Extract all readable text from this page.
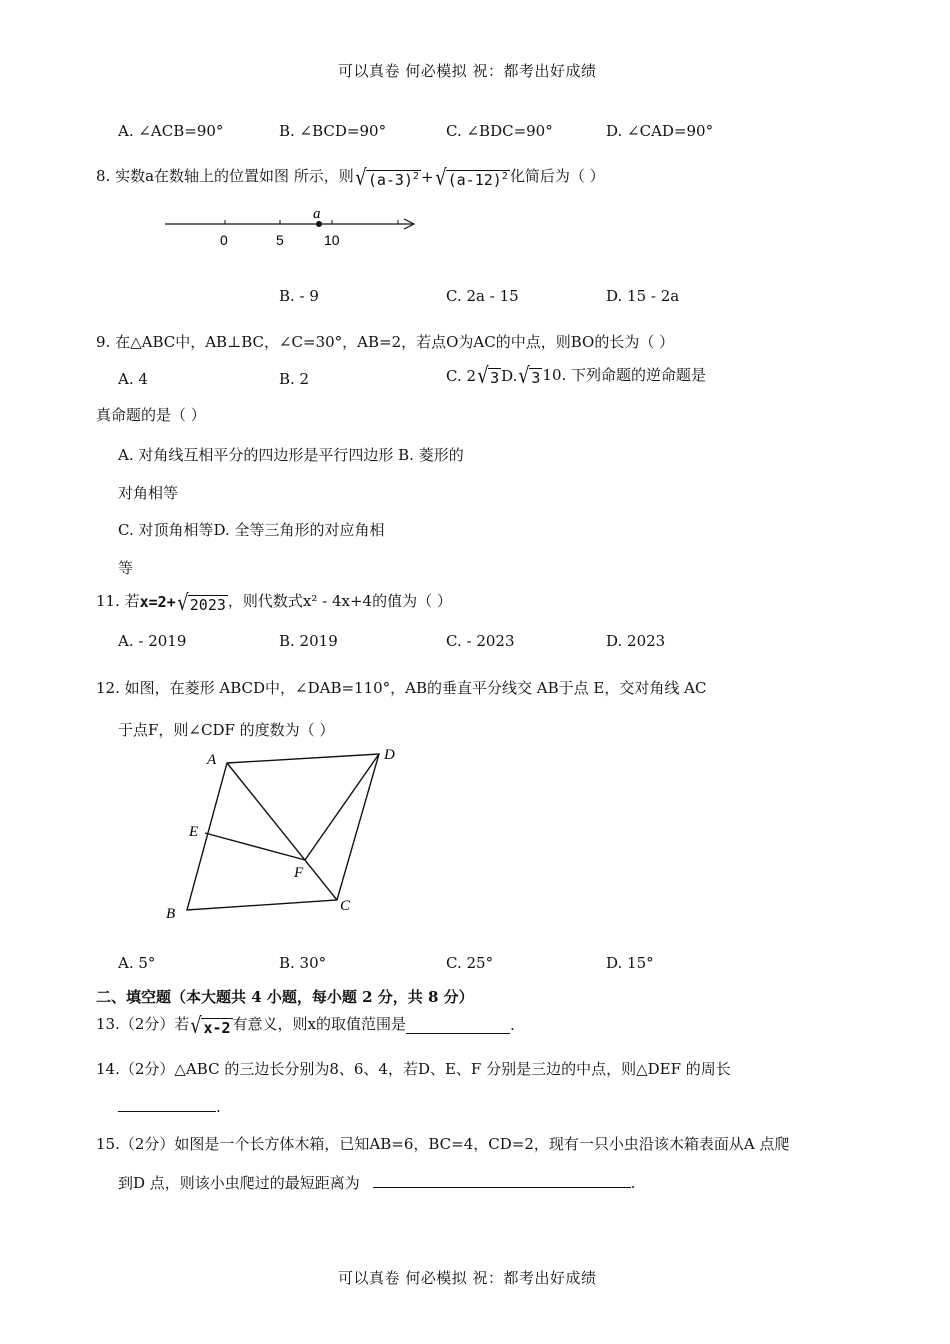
可以真卷 何必模拟 祝：都考出好成绩
A. ∠ACB=90°	B. ∠BCD=90°	C. ∠BDC=90°	D. ∠CAD=90°
8. 实数a在数轴上的位置如图 所示，则 √ $(a-3)^2$ + √ $(a-12)^2$ 化简后为（ ）
a
0	5	10
B. - 9	C. 2a - 15	D. 15 - 2a
9. 在△ABC中，AB⊥BC，∠C=30°，AB=2，若点O为AC的中点，则BO的长为（ ）
A. 4	B. 2	C. 2 √ 3 D. √ 3 10. 下列命题的逆命题是
真命题的是（ ）
A. 对角线互相平分的四边形是平行四边形 B. 菱形的
对角相等
C. 对顶角相等D. 全等三角形的对应角相
等
11. 若 x=2+ √ 2023 ，则代数式x² - 4x+4的值为（ ）
A. - 2019	B. 2019	C. - 2023	D. 2023
12. 如图，在菱形 ABCD中，∠DAB=110°，AB的垂直平分线交 AB于点 E，交对角线 AC
于点F，则∠CDF 的度数为（ ）
A	D
E
F
C
B
A. 5°	B. 30°	C. 25°	D. 15°
二、填空题（本大题共 4 小题，每小题 2 分，共 8 分）
13.（2分）若 √ x-2 有意义，则x的取值范围是	.
14.（2分）△ABC 的三边长分别为8、6、4，若D、E、F 分别是三边的中点，则△DEF 的周长
.
15.（2分）如图是一个长方体木箱，已知AB=6，BC=4，CD=2，现有一只小虫沿该木箱表面从A 点爬
到D 点，则该小虫爬过的最短距离为	.
可以真卷 何必模拟 祝：都考出好成绩
